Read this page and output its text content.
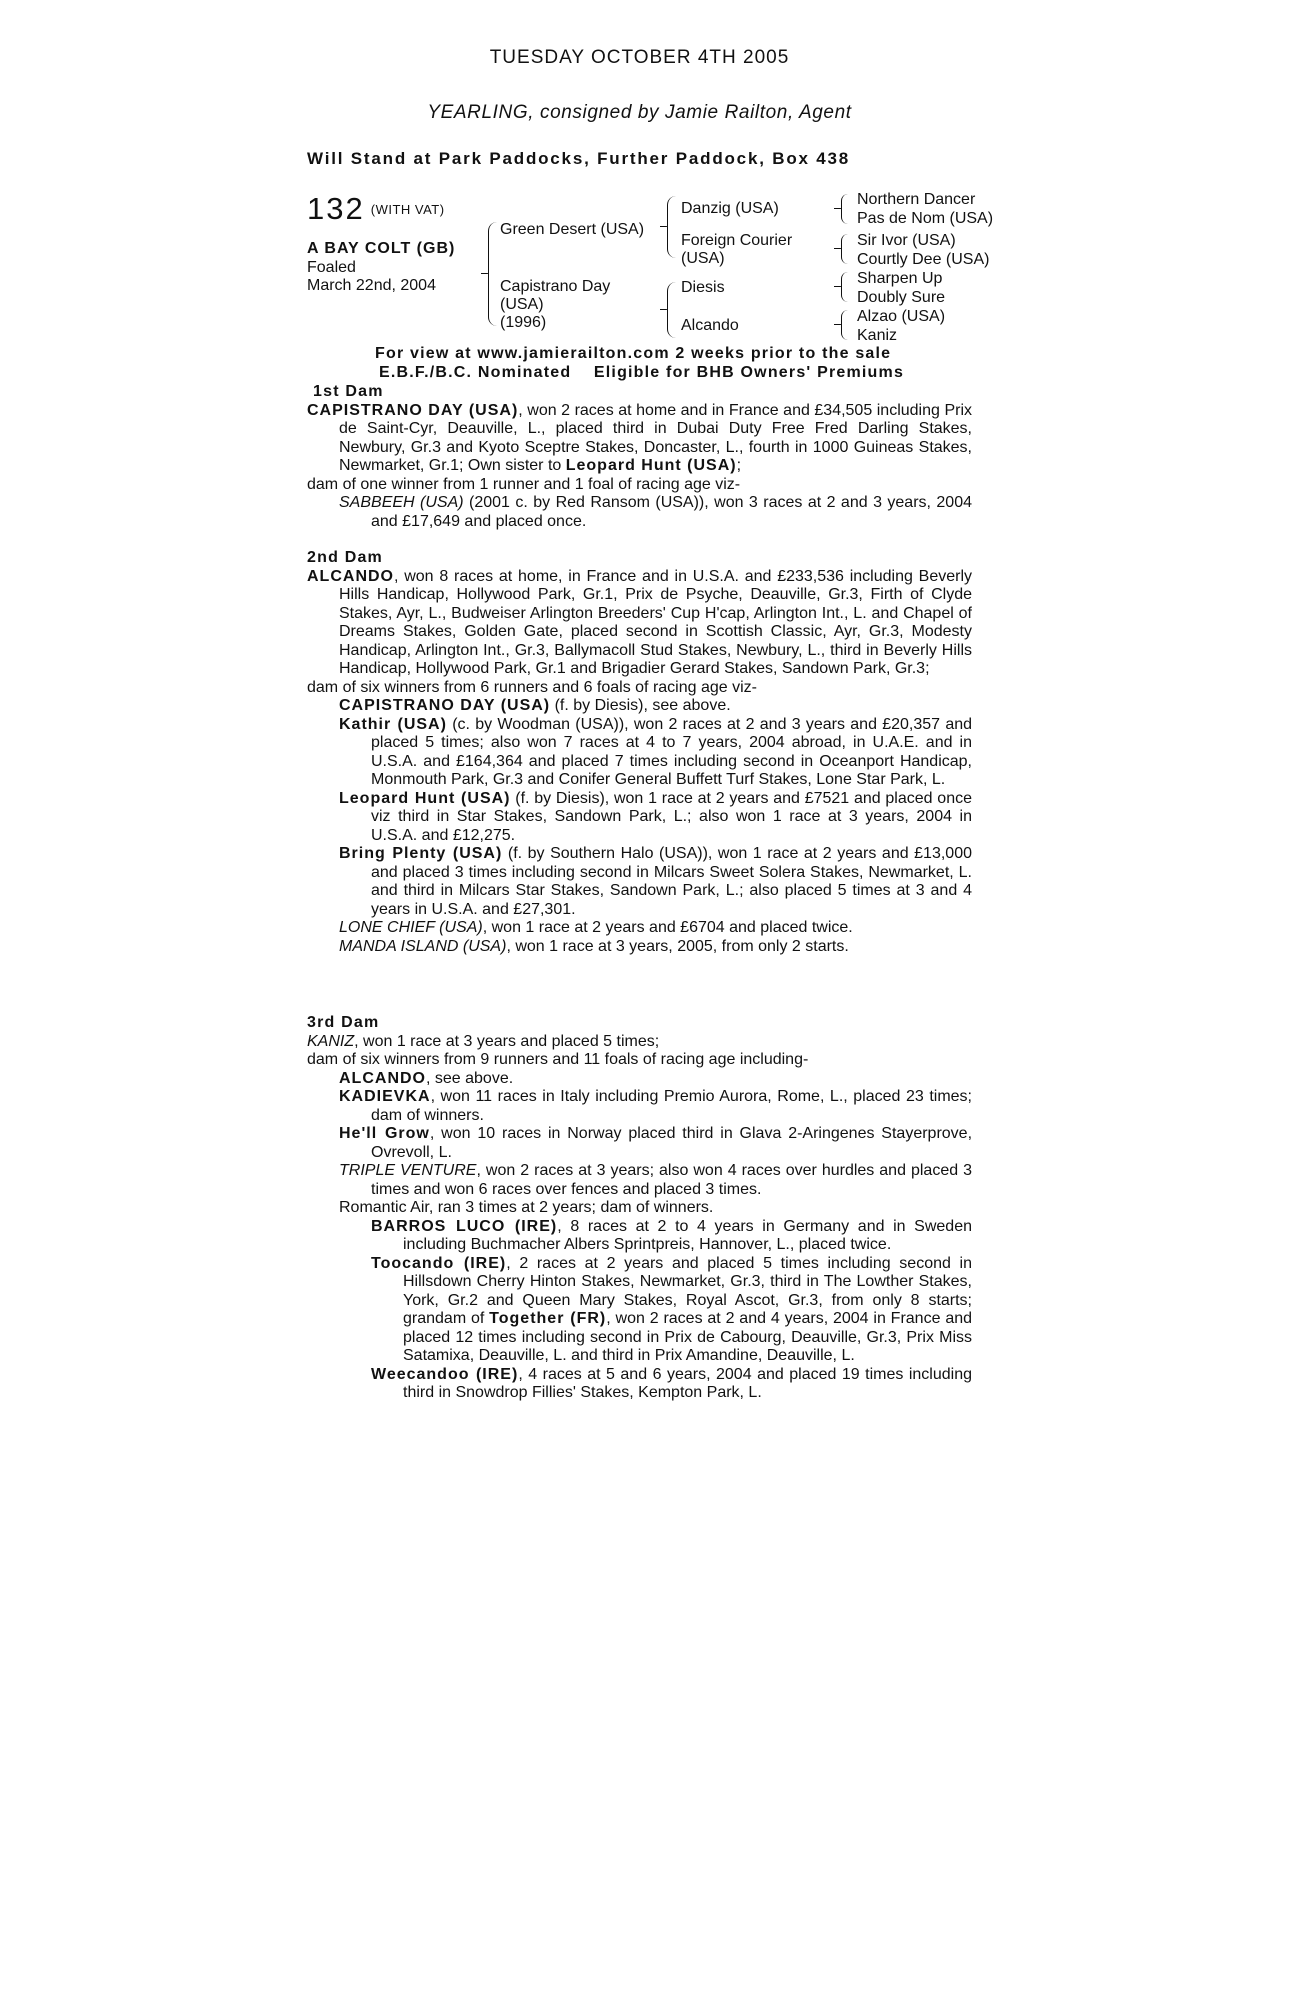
TUESDAY OCTOBER 4TH 2005
YEARLING, consigned by Jamie Railton, Agent
Will Stand at Park Paddocks, Further Paddock, Box 438
132 (WITH VAT)
A BAY COLT (GB)
Foaled
March 22nd, 2004
Green Desert (USA)
Capistrano Day
(USA)
(1996)
Danzig (USA)
Foreign Courier
(USA)
Diesis
Alcando
Northern Dancer
Pas de Nom (USA)
Sir Ivor (USA)
Courtly Dee (USA)
Sharpen Up
Doubly Sure
Alzao (USA)
Kaniz
For view at www.jamierailton.com 2 weeks prior to the sale
E.B.F./B.C. Nominated    Eligible for BHB Owners' Premiums

1st Dam

CAPISTRANO DAY (USA), won 2 races at home and in France and £34,505 including Prix de Saint-Cyr, Deauville, L., placed third in Dubai Duty Free Fred Darling Stakes, Newbury, Gr.3 and Kyoto Sceptre Stakes, Doncaster, L., fourth in 1000 Guineas Stakes, Newmarket, Gr.1; Own sister to Leopard Hunt (USA);

dam of one winner from 1 runner and 1 foal of racing age viz-

SABBEEH (USA) (2001 c. by Red Ransom (USA)), won 3 races at 2 and 3 years, 2004 and £17,649 and placed once.

2nd Dam

ALCANDO, won 8 races at home, in France and in U.S.A. and £233,536 including Beverly Hills Handicap, Hollywood Park, Gr.1, Prix de Psyche, Deauville, Gr.3, Firth of Clyde Stakes, Ayr, L., Budweiser Arlington Breeders' Cup H'cap, Arlington Int., L. and Chapel of Dreams Stakes, Golden Gate, placed second in Scottish Classic, Ayr, Gr.3, Modesty Handicap, Arlington Int., Gr.3, Ballymacoll Stud Stakes, Newbury, L., third in Beverly Hills Handicap, Hollywood Park, Gr.1 and Brigadier Gerard Stakes, Sandown Park, Gr.3;

dam of six winners from 6 runners and 6 foals of racing age viz-

CAPISTRANO DAY (USA) (f. by Diesis), see above.

Kathir (USA) (c. by Woodman (USA)), won 2 races at 2 and 3 years and £20,357 and placed 5 times; also won 7 races at 4 to 7 years, 2004 abroad, in U.A.E. and in U.S.A. and £164,364 and placed 7 times including second in Oceanport Handicap, Monmouth Park, Gr.3 and Conifer General Buffett Turf Stakes, Lone Star Park, L.

Leopard Hunt (USA) (f. by Diesis), won 1 race at 2 years and £7521 and placed once viz third in Star Stakes, Sandown Park, L.; also won 1 race at 3 years, 2004 in U.S.A. and £12,275.

Bring Plenty (USA) (f. by Southern Halo (USA)), won 1 race at 2 years and £13,000 and placed 3 times including second in Milcars Sweet Solera Stakes, Newmarket, L. and third in Milcars Star Stakes, Sandown Park, L.; also placed 5 times at 3 and 4 years in U.S.A. and £27,301.

LONE CHIEF (USA), won 1 race at 2 years and £6704 and placed twice.

MANDA ISLAND (USA), won 1 race at 3 years, 2005, from only 2 starts.

3rd Dam

KANIZ, won 1 race at 3 years and placed 5 times;

dam of six winners from 9 runners and 11 foals of racing age including-

ALCANDO, see above.

KADIEVKA, won 11 races in Italy including Premio Aurora, Rome, L., placed 23 times; dam of winners.

He'll Grow, won 10 races in Norway placed third in Glava 2-Aringenes Stayerprove, Ovrevoll, L.

TRIPLE VENTURE, won 2 races at 3 years; also won 4 races over hurdles and placed 3 times and won 6 races over fences and placed 3 times.

Romantic Air, ran 3 times at 2 years; dam of winners.

BARROS LUCO (IRE), 8 races at 2 to 4 years in Germany and in Sweden including Buchmacher Albers Sprintpreis, Hannover, L., placed twice.

Toocando (IRE), 2 races at 2 years and placed 5 times including second in Hillsdown Cherry Hinton Stakes, Newmarket, Gr.3, third in The Lowther Stakes, York, Gr.2 and Queen Mary Stakes, Royal Ascot, Gr.3, from only 8 starts; grandam of Together (FR), won 2 races at 2 and 4 years, 2004 in France and placed 12 times including second in Prix de Cabourg, Deauville, Gr.3, Prix Miss Satamixa, Deauville, L. and third in Prix Amandine, Deauville, L.

Weecandoo (IRE), 4 races at 5 and 6 years, 2004 and placed 19 times including third in Snowdrop Fillies' Stakes, Kempton Park, L.
